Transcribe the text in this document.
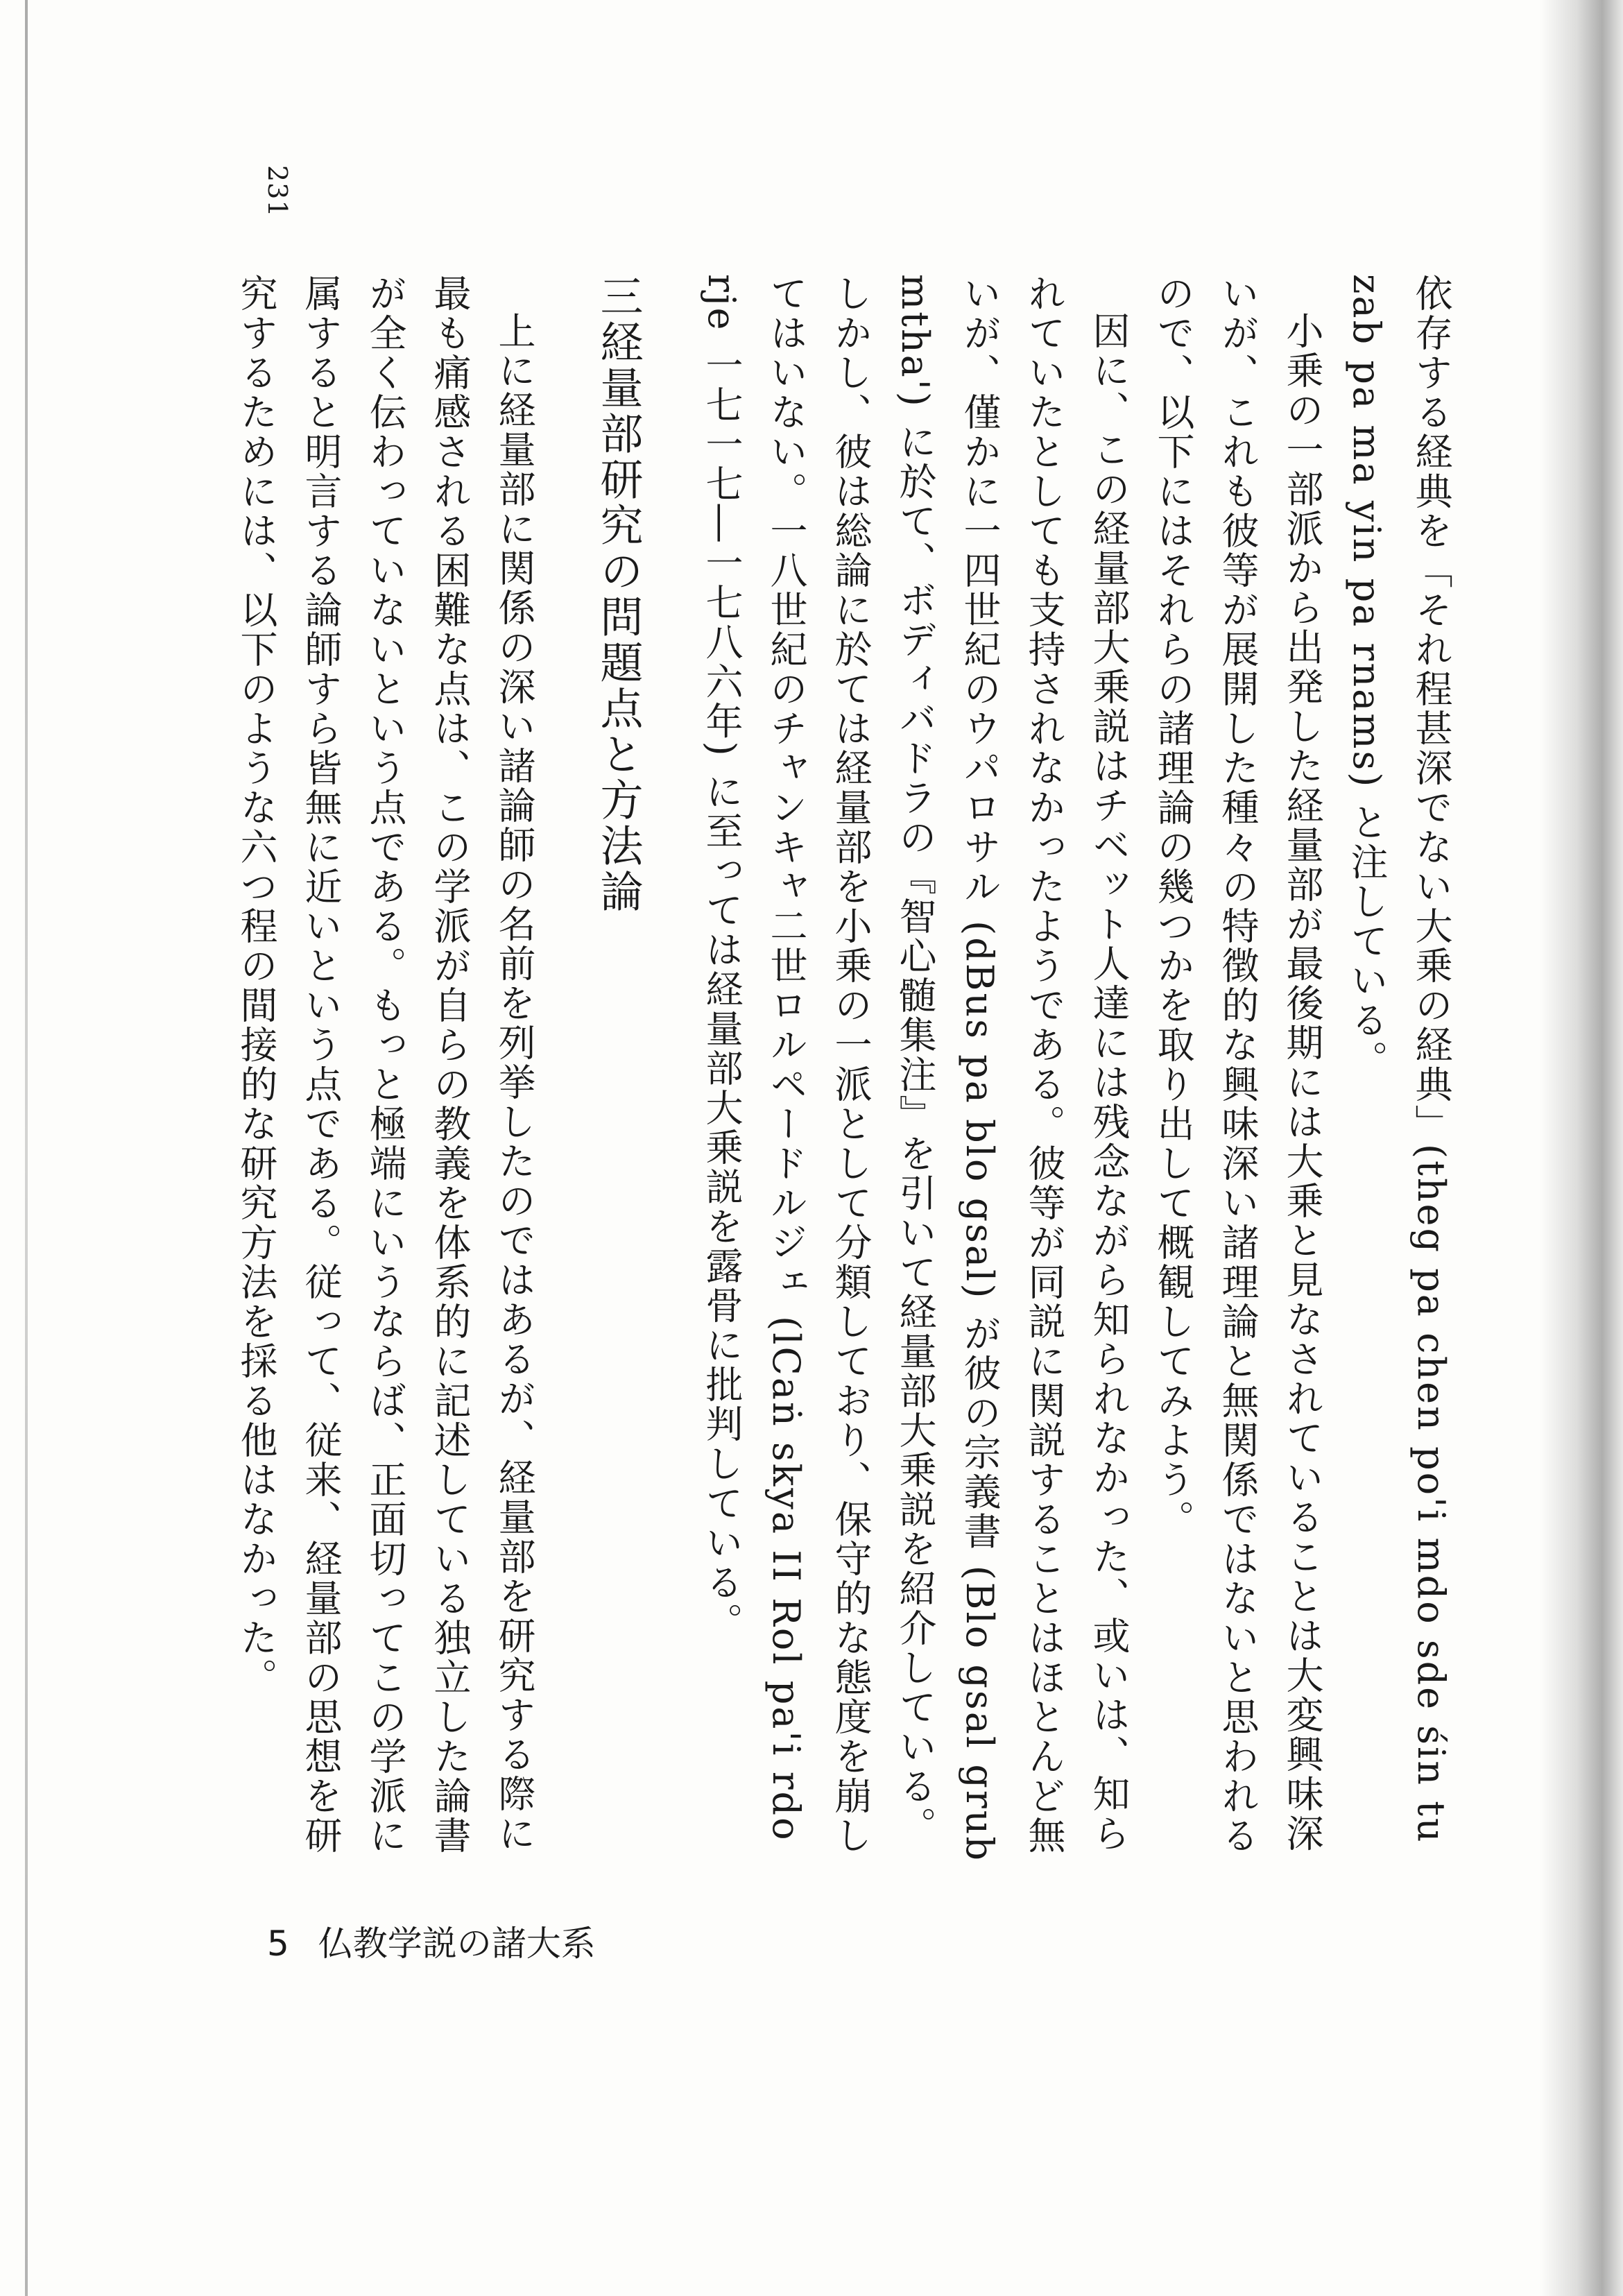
231

依存する経典を「それ程甚深でない大乗の経典」(theg pa chen po'i mdo sde śin tu zab pa ma yin pa rnams) と注している。

小乗の一部派から出発した経量部が最後期には大乗と見なされていることは大変興味深いが、これも彼等が展開した種々の特徴的な興味深い諸理論と無関係ではないと思われるので、以下にはそれらの諸理論の幾つかを取り出して概観してみよう。

因に、この経量部大乗説はチベット人達には残念ながら知られなかった、或いは、知られていたとしても支持されなかったようである。彼等が同説に関説することはほとんど無いが、僅かに一四世紀のウパロサル (dBus pa blo gsal) が彼の宗義書 (Blo gsal grub mtha') に於て、ボディバドラの『智心髄集注』を引いて経量部大乗説を紹介している。しかし、彼は総論に於ては経量部を小乗の一派として分類しており、保守的な態度を崩してはいない。一八世紀のチャンキャ二世ロルペードルジェ (lCaṅ skya II Rol pa'i rdo rje 一七一七―一七八六年) に至っては経量部大乗説を露骨に批判している。

三経量部研究の問題点と方法論

上に経量部に関係の深い諸論師の名前を列挙したのではあるが、経量部を研究する際に最も痛感される困難な点は、この学派が自らの教義を体系的に記述している独立した論書が全く伝わっていないという点である。もっと極端にいうならば、正面切ってこの学派に属すると明言する論師すら皆無に近いという点である。従って、従来、経量部の思想を研究するためには、以下のような六つ程の間接的な研究方法を採る他はなかった。

5 仏教学説の諸大系
